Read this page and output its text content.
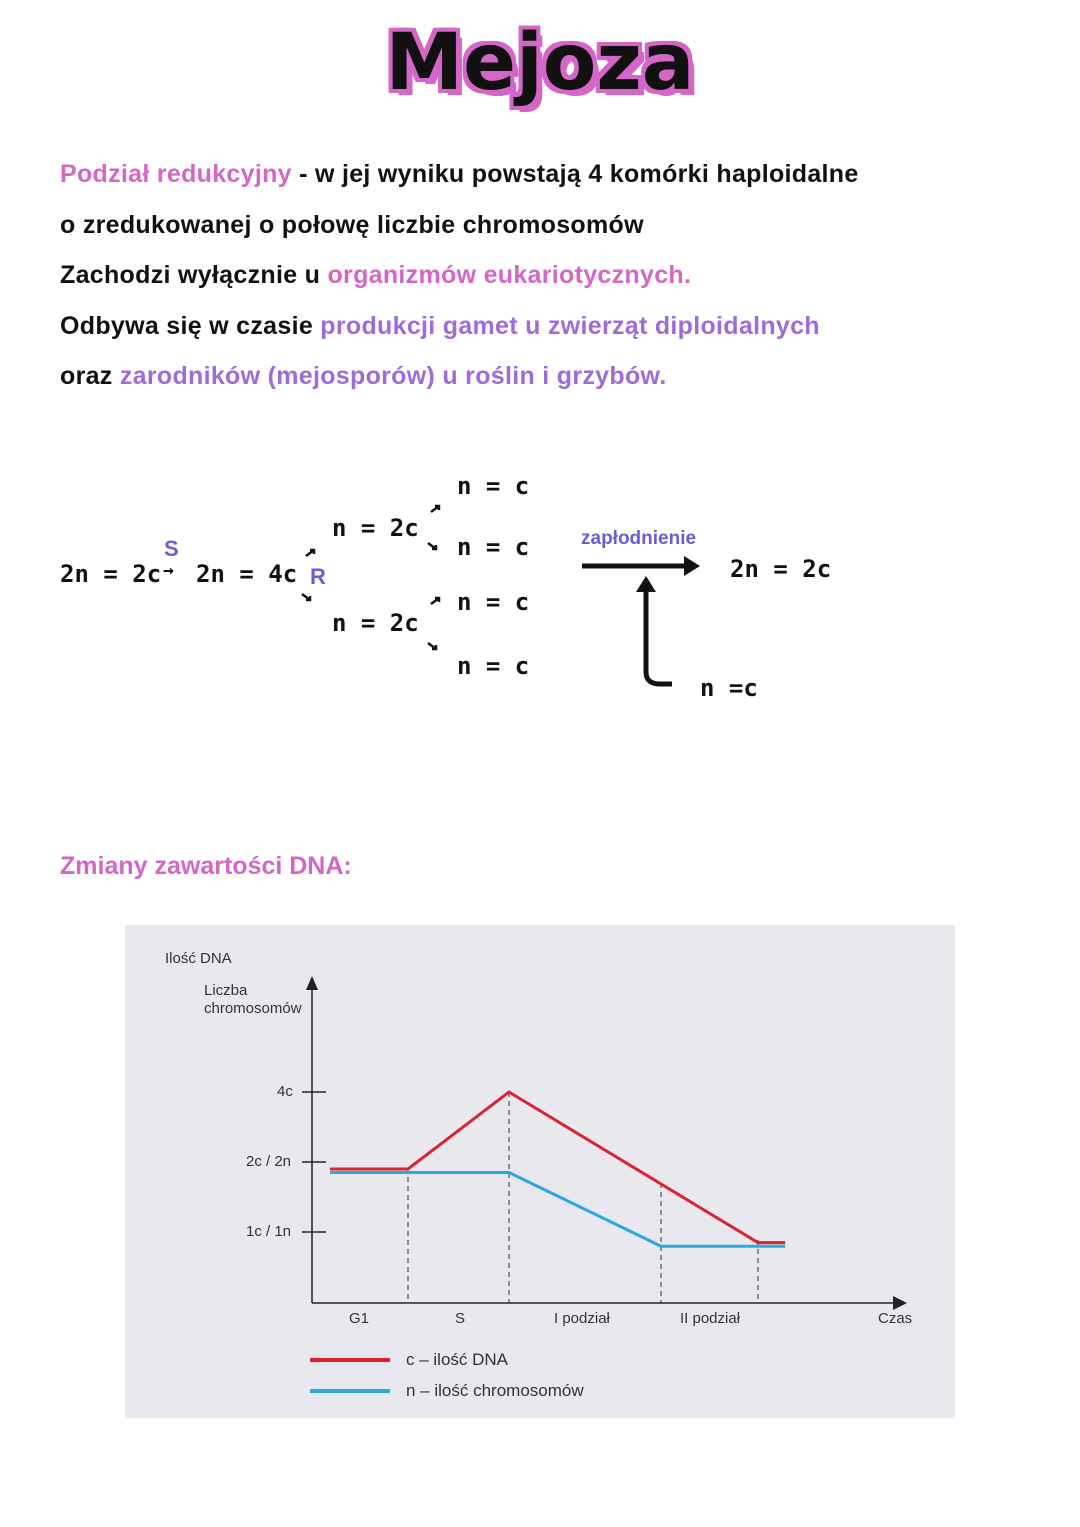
Mejoza
Podział redukcyjny - w jej wyniku powstają 4 komórki haploidalne
o zredukowanej o połowę liczbie chromosomów
Zachodzi wyłącznie u organizmów eukariotycznych.
Odbywa się w czasie produkcji gamet u zwierząt diploidalnych
oraz zarodników (mejosporów) u roślin i grzybów.
2n = 2c
S
→ 2n = 4c R
n = 2c
n = 2c
n = c
n = c
n = c
n = c
zapłodnienie
2n = 2c
n =c
Zmiany zawartości DNA:
Ilość DNA
Liczba chromosomów
4c
2c / 2n
1c / 1n
G1	S	I podział	II podział	Czas
c – ilość DNA
n – ilość chromosomów
